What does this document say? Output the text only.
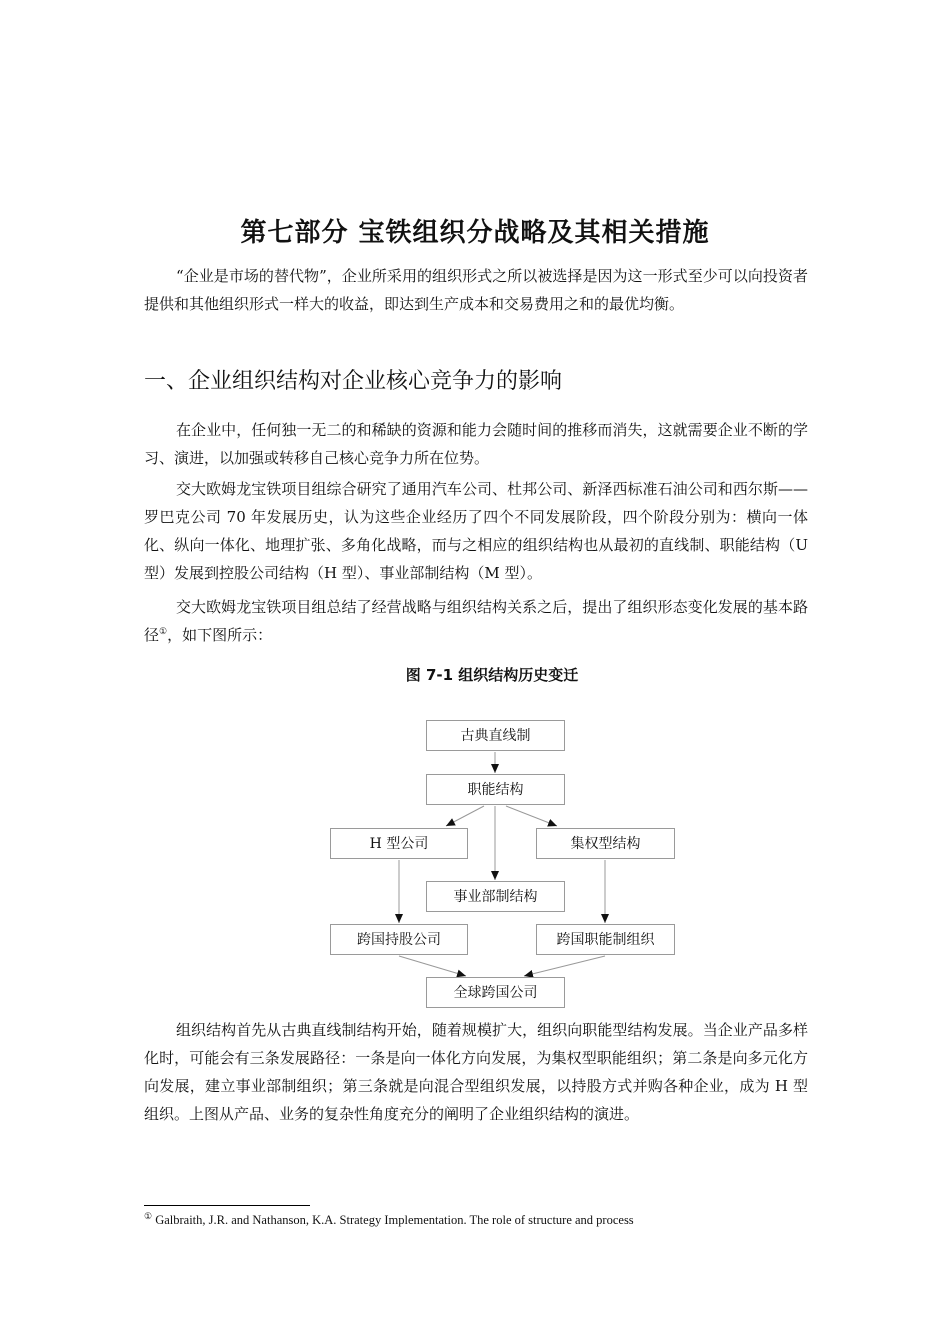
第七部分 宝铁组织分战略及其相关措施

“企业是市场的替代物”，企业所采用的组织形式之所以被选择是因为这一形式至少可以向投资者提供和其他组织形式一样大的收益，即达到生产成本和交易费用之和的最优均衡。

一、企业组织结构对企业核心竞争力的影响

在企业中，任何独一无二的和稀缺的资源和能力会随时间的推移而消失，这就需要企业不断的学习、演进，以加强或转移自己核心竞争力所在位势。

交大欧姆龙宝铁项目组综合研究了通用汽车公司、杜邦公司、新泽西标准石油公司和西尔斯——罗巴克公司 70 年发展历史，认为这些企业经历了四个不同发展阶段，四个阶段分别为：横向一体化、纵向一体化、地理扩张、多角化战略，而与之相应的组织结构也从最初的直线制、职能结构（U 型）发展到控股公司结构（H 型）、事业部制结构（M 型）。

交大欧姆龙宝铁项目组总结了经营战略与组织结构关系之后，提出了组织形态变化发展的基本路径①，如下图所示：

图 7-1 组织结构历史变迁
古典直线制
职能结构
H 型公司	集权型结构
事业部制结构
跨国持股公司	跨国职能制组织
全球跨国公司

组织结构首先从古典直线制结构开始，随着规模扩大，组织向职能型结构发展。当企业产品多样化时，可能会有三条发展路径：一条是向一体化方向发展，为集权型职能组织；第二条是向多元化方向发展，建立事业部制组织；第三条就是向混合型组织发展，以持股方式并购各种企业，成为 H 型组织。上图从产品、业务的复杂性角度充分的阐明了企业组织结构的演进。

① Galbraith, J.R. and Nathanson, K.A. Strategy Implementation. The role of structure and process
